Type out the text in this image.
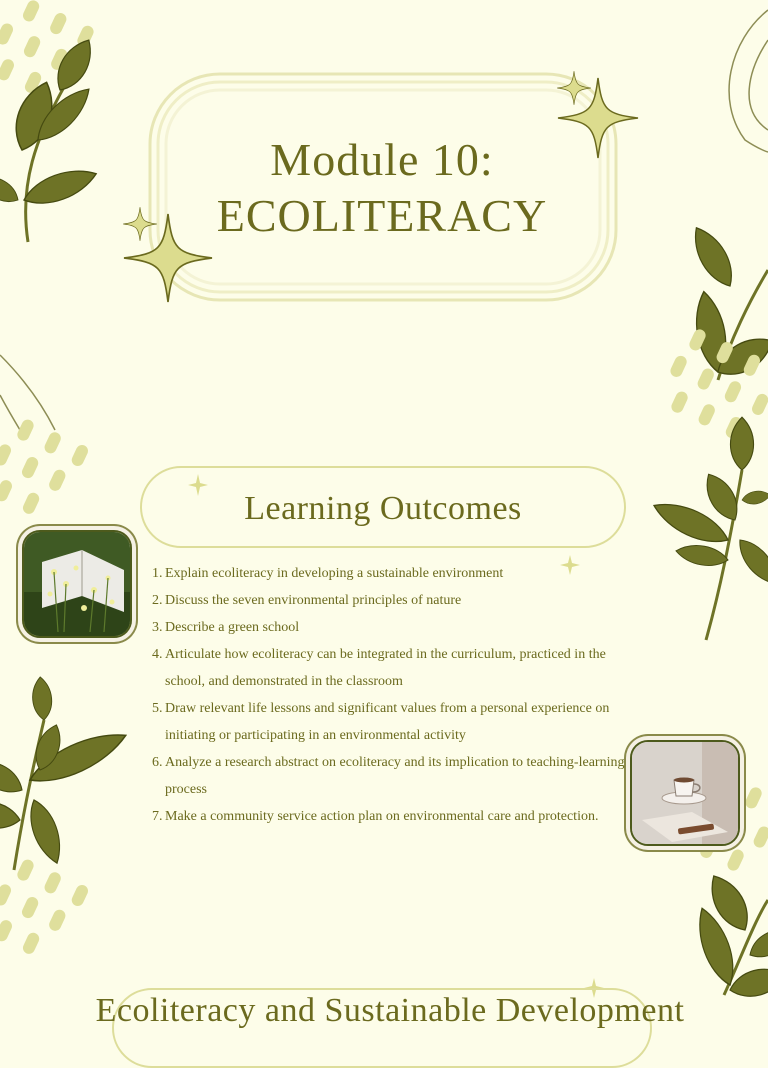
Module 10:
ECOLITERACY
Learning Outcomes
1. Explain ecoliteracy in developing a sustainable environment
2. Discuss the seven environmental principles of nature
3. Describe a green school
4. Articulate how ecoliteracy can be integrated in the curriculum, practiced in the school, and demonstrated in the classroom
5. Draw relevant life lessons and significant values from a personal experience on initiating or participating in an environmental activity
6. Analyze a research abstract on ecoliteracy and its implication to teaching-learning process
7. Make a community service action plan on environmental care and protection.
Ecoliteracy and Sustainable Development
